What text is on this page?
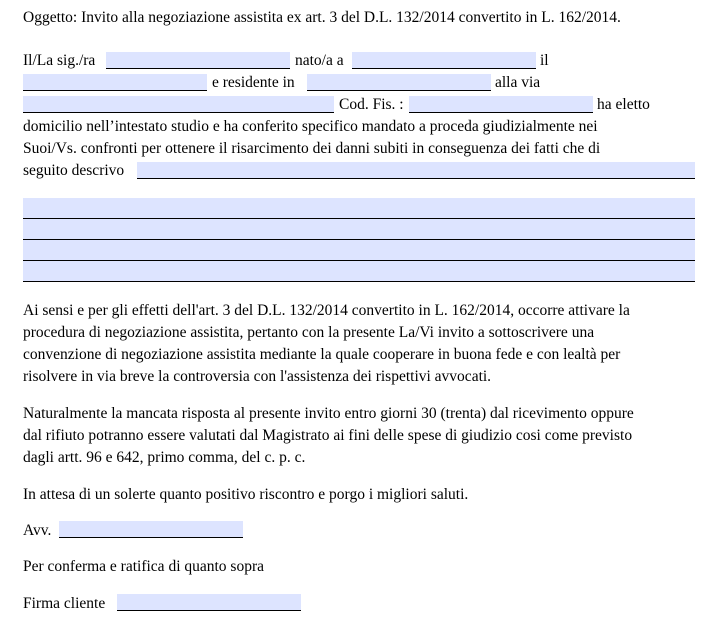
Oggetto: Invito alla negoziazione assistita ex art. 3 del D.L. 132/2014 convertito in L. 162/2014.
Il/La sig./ra	nato/a a	il
e residente in	alla via
Cod. Fis. :	ha eletto
domicilio nell’intestato studio e ha conferito specifico mandato a proceda giudizialmente nei
Suoi/Vs. confronti per ottenere il risarcimento dei danni subiti in conseguenza dei fatti che di
seguito descrivo
Ai sensi e per gli effetti dell'art. 3 del D.L. 132/2014 convertito in L. 162/2014, occorre attivare la
procedura di negoziazione assistita, pertanto con la presente La/Vi invito a sottoscrivere una
convenzione di negoziazione assistita mediante la quale cooperare in buona fede e con lealtà per
risolvere in via breve la controversia con l'assistenza dei rispettivi avvocati.
Naturalmente la mancata risposta al presente invito entro giorni 30 (trenta) dal ricevimento oppure
dal rifiuto potranno essere valutati dal Magistrato ai fini delle spese di giudizio cosi come previsto
dagli artt. 96 e 642, primo comma, del c. p. c.
In attesa di un solerte quanto positivo riscontro e porgo i migliori saluti.
Avv.
Per conferma e ratifica di quanto sopra
Firma cliente
